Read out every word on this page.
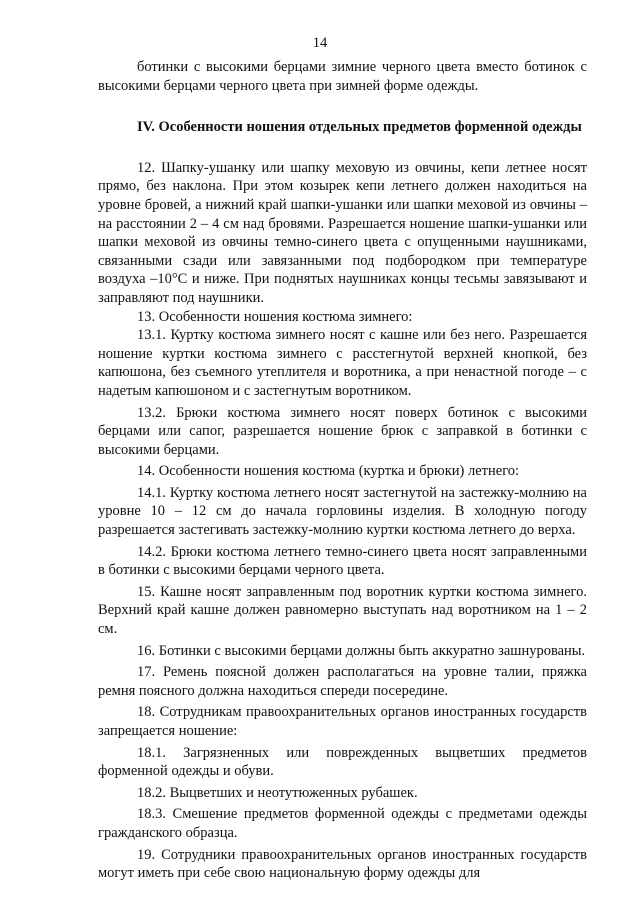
14

ботинки с высокими берцами зимние черного цвета вместо ботинок с высокими берцами черного цвета при зимней форме одежды.

IV. Особенности ношения отдельных предметов форменной одежды

12. Шапку-ушанку или шапку меховую из овчины, кепи летнее носят прямо, без наклона. При этом козырек кепи летнего должен находиться на уровне бровей, а нижний край шапки-ушанки или шапки меховой из овчины – на расстоянии 2 – 4 см над бровями. Разрешается ношение шапки-ушанки или шапки меховой из овчины темно-синего цвета с опущенными наушниками, связанными сзади или завязанными под подбородком при температуре воздуха –10°С и ниже. При поднятых наушниках концы тесьмы завязывают и заправляют под наушники.

13. Особенности ношения костюма зимнего:

13.1. Куртку костюма зимнего носят с кашне или без него. Разрешается ношение куртки костюма зимнего с расстегнутой верхней кнопкой, без капюшона, без съемного утеплителя и воротника, а при ненастной погоде – с надетым капюшоном и с застегнутым воротником.

13.2. Брюки костюма зимнего носят поверх ботинок с высокими берцами или сапог, разрешается ношение брюк с заправкой в ботинки с высокими берцами.

14. Особенности ношения костюма (куртка и брюки) летнего:

14.1. Куртку костюма летнего носят застегнутой на застежку-молнию на уровне 10 – 12 см до начала горловины изделия. В холодную погоду разрешается застегивать застежку-молнию куртки костюма летнего до верха.

14.2. Брюки костюма летнего темно-синего цвета носят заправленными в ботинки с высокими берцами черного цвета.

15. Кашне носят заправленным под воротник куртки костюма зимнего. Верхний край кашне должен равномерно выступать над воротником на 1 – 2 см.

16. Ботинки с высокими берцами должны быть аккуратно зашнурованы.

17. Ремень поясной должен располагаться на уровне талии, пряжка ремня поясного должна находиться спереди посередине.

18. Сотрудникам правоохранительных органов иностранных государств запрещается ношение:

18.1. Загрязненных или поврежденных выцветших предметов форменной одежды и обуви.

18.2. Выцветших и неотутюженных рубашек.

18.3. Смешение предметов форменной одежды с предметами одежды гражданского образца.

19. Сотрудники правоохранительных органов иностранных государств могут иметь при себе свою национальную форму одежды для
